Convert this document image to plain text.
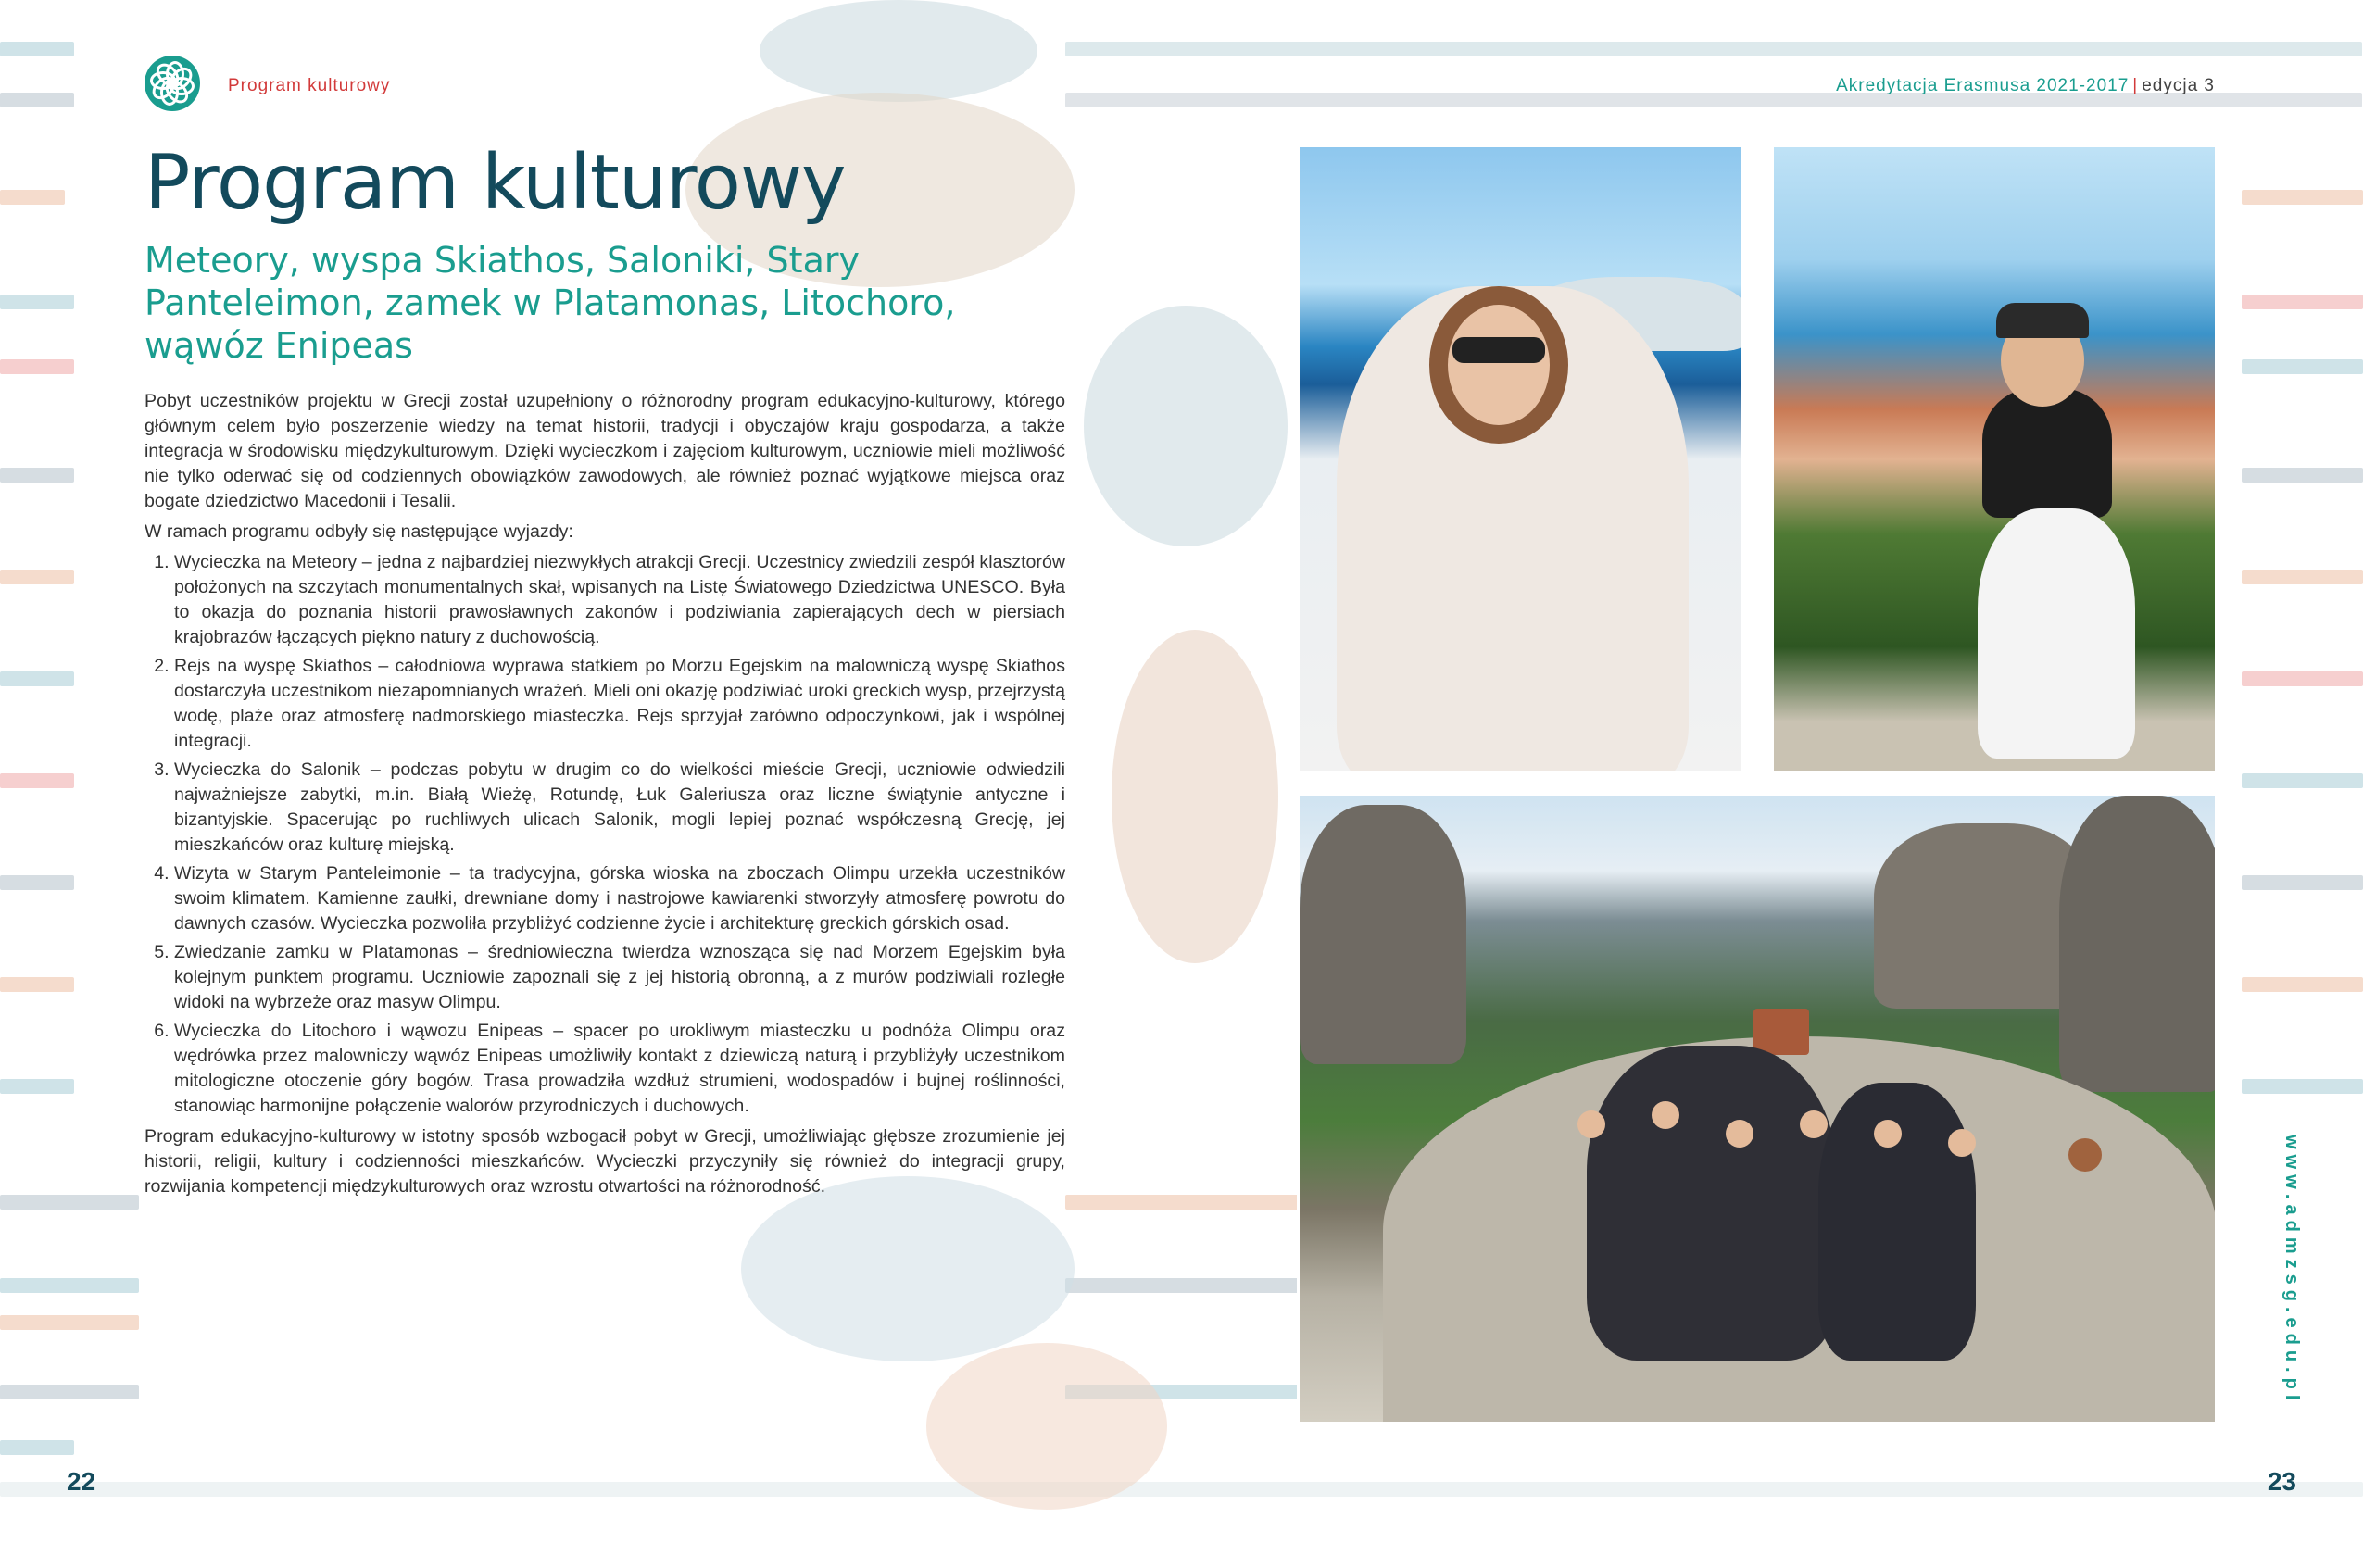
Program kulturowy	Akredytacja Erasmusa 2021-2017 | edycja 3
Program kulturowy
Meteory, wyspa Skiathos, Saloniki, Stary Panteleimon, zamek w Platamonas, Litochoro, wąwóz Enipeas

Pobyt uczestników projektu w Grecji został uzupełniony o różnorodny program edukacyjno-kulturowy, którego głównym celem było poszerzenie wiedzy na temat historii, tradycji i obyczajów kraju gospodarza, a także integracja w środowisku międzykulturowym. Dzięki wycieczkom i zajęciom kulturowym, uczniowie mieli możliwość nie tylko oderwać się od codziennych obowiązków zawodowych, ale również poznać wyjątkowe miejsca oraz bogate dziedzictwo Macedonii i Tesalii.

W ramach programu odbyły się następujące wyjazdy:

1. Wycieczka na Meteory – jedna z najbardziej niezwykłych atrakcji Grecji. Uczestnicy zwiedzili zespół klasztorów położonych na szczytach monumentalnych skał, wpisanych na Listę Światowego Dziedzictwa UNESCO. Była to okazja do poznania historii prawosławnych zakonów i podziwiania zapierających dech w piersiach krajobrazów łączących piękno natury z duchowością.
2. Rejs na wyspę Skiathos – całodniowa wyprawa statkiem po Morzu Egejskim na malowniczą wyspę Skiathos dostarczyła uczestnikom niezapomnianych wrażeń. Mieli oni okazję podziwiać uroki greckich wysp, przejrzystą wodę, plaże oraz atmosferę nadmorskiego miasteczka. Rejs sprzyjał zarówno odpoczynkowi, jak i wspólnej integracji.
3. Wycieczka do Salonik – podczas pobytu w drugim co do wielkości mieście Grecji, uczniowie odwiedzili najważniejsze zabytki, m.in. Białą Wieżę, Rotundę, Łuk Galeriusza oraz liczne świątynie antyczne i bizantyjskie. Spacerując po ruchliwych ulicach Salonik, mogli lepiej poznać współczesną Grecję, jej mieszkańców oraz kulturę miejską.
4. Wizyta w Starym Panteleimonie – ta tradycyjna, górska wioska na zboczach Olimpu urzekła uczestników swoim klimatem. Kamienne zaułki, drewniane domy i nastrojowe kawiarenki stworzyły atmosferę powrotu do dawnych czasów. Wycieczka pozwoliła przybliżyć codzienne życie i architekturę greckich górskich osad.
5. Zwiedzanie zamku w Platamonas – średniowieczna twierdza wznosząca się nad Morzem Egejskim była kolejnym punktem programu. Uczniowie zapoznali się z jej historią obronną, a z murów podziwiali rozległe widoki na wybrzeże oraz masyw Olimpu.
6. Wycieczka do Litochoro i wąwozu Enipeas – spacer po urokliwym miasteczku u podnóża Olimpu oraz wędrówka przez malowniczy wąwóz Enipeas umożliwiły kontakt z dziewiczą naturą i przybliżyły uczestnikom mitologiczne otoczenie góry bogów. Trasa prowadziła wzdłuż strumieni, wodospadów i bujnej roślinności, stanowiąc harmonijne połączenie walorów przyrodniczych i duchowych.

Program edukacyjno-kulturowy w istotny sposób wzbogacił pobyt w Grecji, umożliwiając głębsze zrozumienie jej historii, religii, kultury i codzienności mieszkańców. Wycieczki przyczyniły się również do integracji grupy, rozwijania kompetencji międzykulturowych oraz wzrostu otwartości na różnorodność.

22	23
www.admzsg.edu.pl
